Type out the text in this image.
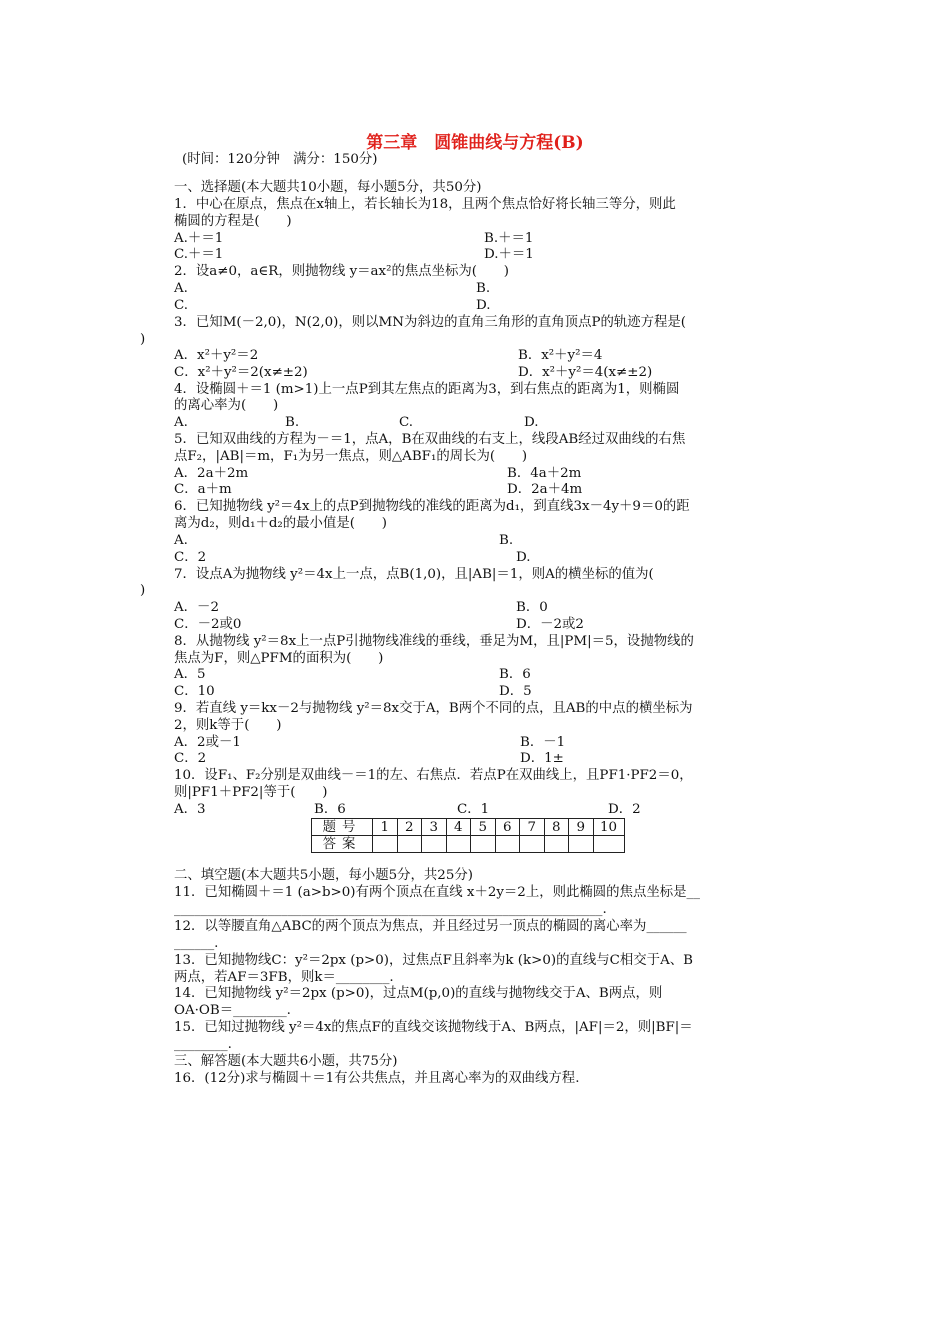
第三章　圆锥曲线与方程(B)
(时间：120分钟　满分：150分)
一、选择题(本大题共10小题，每小题5分，共50分)
1．中心在原点，焦点在x轴上，若长轴长为18，且两个焦点恰好将长轴三等分，则此
椭圆的方程是(　　)
A.＋＝1	B.＋＝1
C.＋＝1	D.＋＝1
2．设a≠0，a∈R，则抛物线 y＝ax²的焦点坐标为(　　)
A.	B.
C.	D.
3．已知M(－2,0)，N(2,0)，则以MN为斜边的直角三角形的直角顶点P的轨迹方程是(
)
A．x²＋y²＝2	B．x²＋y²＝4
C．x²＋y²＝2(x≠±2)	D．x²＋y²＝4(x≠±2)
4．设椭圆＋＝1 (m>1)上一点P到其左焦点的距离为3，到右焦点的距离为1，则椭圆
的离心率为(　　)
A.	B.	C.	D.
5．已知双曲线的方程为－＝1，点A，B在双曲线的右支上，线段AB经过双曲线的右焦
点F₂，|AB|＝m，F₁为另一焦点，则△ABF₁的周长为(　　)
A．2a＋2m	B．4a＋2m
C．a＋m	D．2a＋4m
6．已知抛物线 y²＝4x上的点P到抛物线的准线的距离为d₁，到直线3x－4y＋9＝0的距
离为d₂，则d₁＋d₂的最小值是(　　)
A.	B.
C．2	D.
7．设点A为抛物线 y²＝4x上一点，点B(1,0)，且|AB|＝1，则A的横坐标的值为(
)
A．－2	B．0
C．－2或0	D．－2或2
8．从抛物线 y²＝8x上一点P引抛物线准线的垂线，垂足为M，且|PM|＝5，设抛物线的
焦点为F，则△PFM的面积为(　　)
A．5	B．6
C．10	D．5
9．若直线 y＝kx－2与抛物线 y²＝8x交于A，B两个不同的点，且AB的中点的横坐标为
2，则k等于(　　)
A．2或－1	B．－1
C．2	D．1±
10．设F₁、F₂分别是双曲线－＝1的左、右焦点．若点P在双曲线上，且PF1·PF2＝0，
则|PF1＋PF2|等于(　　)
A．3	B．6	C．1	D．2
题号	1	2	3	4	5	6	7	8	9	10
答案										
二、填空题(本大题共5小题，每小题5分，共25分)
11．已知椭圆＋＝1 (a>b>0)有两个顶点在直线 x＋2y＝2上，则此椭圆的焦点坐标是__
________________________________________________________________.
12．以等腰直角△ABC的两个顶点为焦点，并且经过另一顶点的椭圆的离心率为______
______.
13．已知抛物线C：y²＝2px (p>0)，过焦点F且斜率为k (k>0)的直线与C相交于A、B
两点，若AF＝3FB，则k＝________.
14．已知抛物线 y²＝2px (p>0)，过点M(p,0)的直线与抛物线交于A、B两点，则
OA·OB＝________.
15．已知过抛物线 y²＝4x的焦点F的直线交该抛物线于A、B两点，|AF|＝2，则|BF|＝
________.
三、解答题(本大题共6小题，共75分)
16．(12分)求与椭圆＋＝1有公共焦点，并且离心率为的双曲线方程.
